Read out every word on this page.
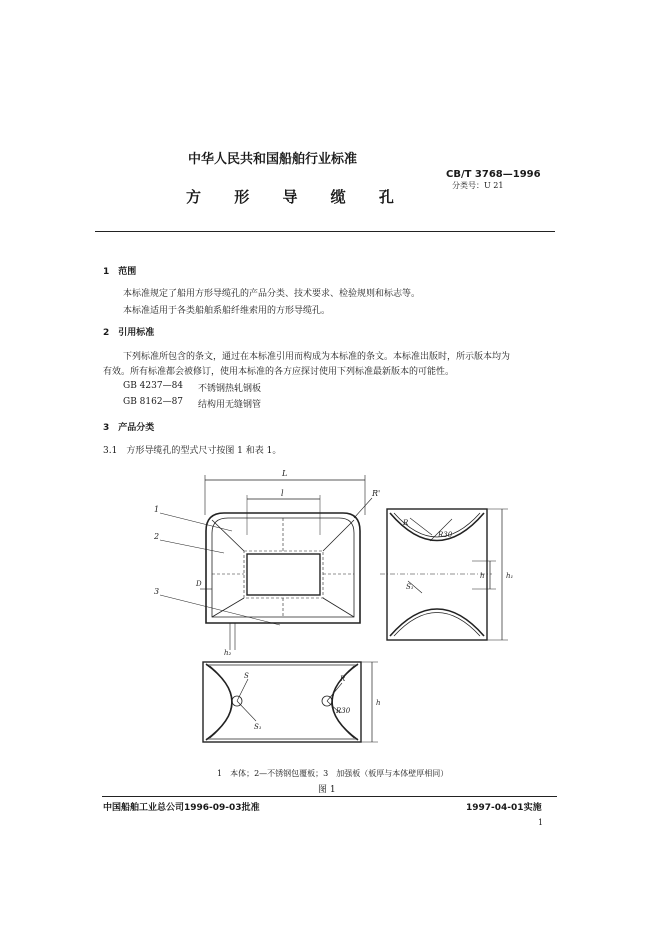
中华人民共和国船舶行业标准
方 形 导 缆 孔
CB/T 3768—1996
分类号：U 21
1　范围
本标准规定了船用方形导缆孔的产品分类、技术要求、检验规则和标志等。
本标准适用于各类船舶系船纤维索用的方形导缆孔。
2　引用标准
下列标准所包含的条文，通过在本标准引用而构成为本标准的条文。本标准出版时，所示版本均为
有效。所有标准都会被修订，使用本标准的各方应探讨使用下列标准最新版本的可能性。
GB 4237—84 不锈钢热轧钢板
GB 8162—87 结构用无缝钢管
3　产品分类
3.1　方形导缆孔的型式尺寸按图 1 和表 1。
L
l	R'
1
2
3
D
h₂
R
R30
S₁
h	h₁
S
S₁
R
R30
h
1　本体；2—不锈钢包覆板；3　加强板（板厚与本体壁厚相同）
图 1
中国船舶工业总公司1996-09-03批准	1997-04-01实施
1
